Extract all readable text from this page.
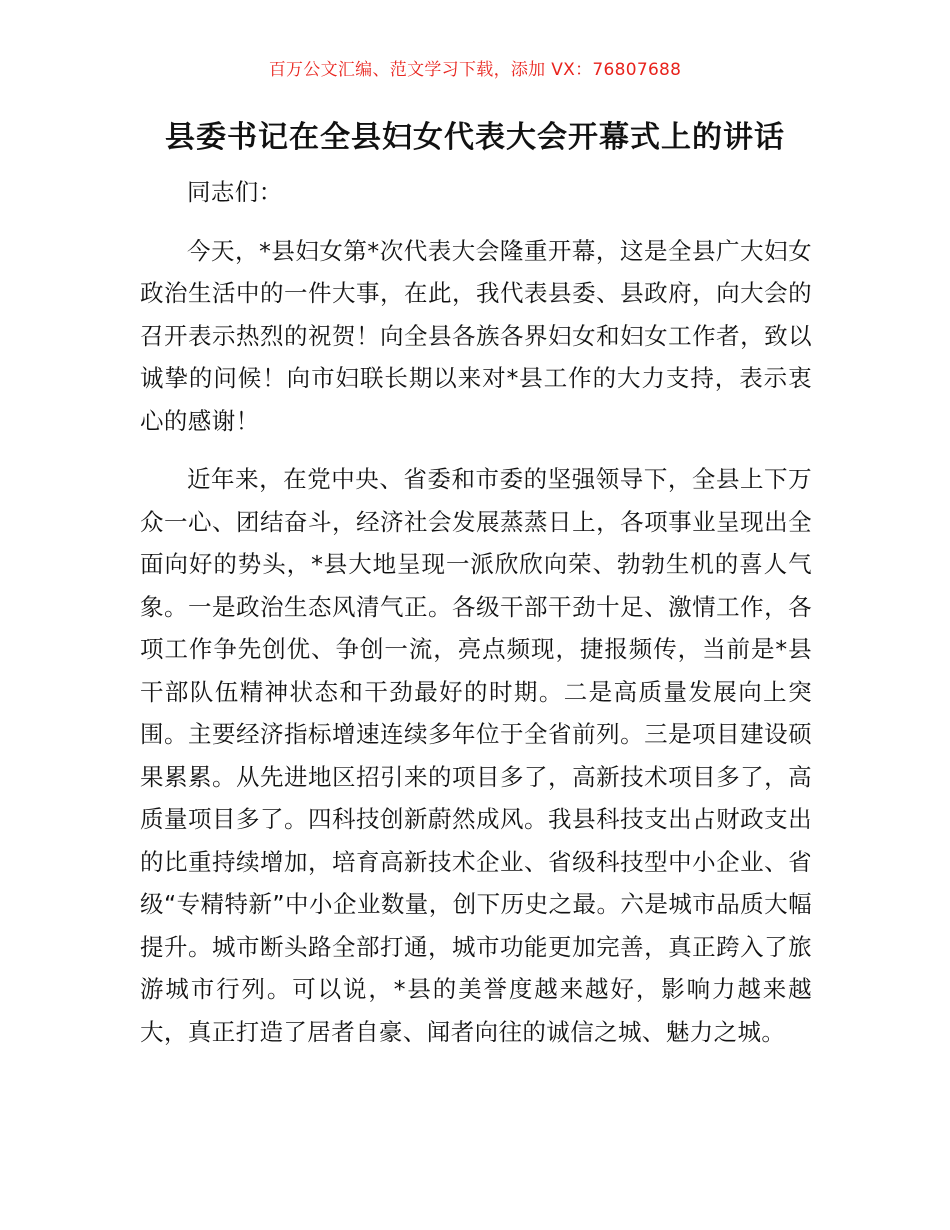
百万公文汇编、范文学习下载，添加 VX：76807688
县委书记在全县妇女代表大会开幕式上的讲话

同志们：

今天，*县妇女第*次代表大会隆重开幕，这是全县广大妇女政治生活中的一件大事，在此，我代表县委、县政府，向大会的召开表示热烈的祝贺！向全县各族各界妇女和妇女工作者，致以诚挚的问候！向市妇联长期以来对*县工作的大力支持，表示衷心的感谢！

近年来，在党中央、省委和市委的坚强领导下，全县上下万众一心、团结奋斗，经济社会发展蒸蒸日上，各项事业呈现出全面向好的势头，*县大地呈现一派欣欣向荣、勃勃生机的喜人气象。一是政治生态风清气正。各级干部干劲十足、激情工作，各项工作争先创优、争创一流，亮点频现，捷报频传，当前是*县干部队伍精神状态和干劲最好的时期。二是高质量发展向上突围。主要经济指标增速连续多年位于全省前列。三是项目建设硕果累累。从先进地区招引来的项目多了，高新技术项目多了，高质量项目多了。四科技创新蔚然成风。我县科技支出占财政支出的比重持续增加，培育高新技术企业、省级科技型中小企业、省级“专精特新”中小企业数量，创下历史之最。六是城市品质大幅提升。城市断头路全部打通，城市功能更加完善，真正跨入了旅游城市行列。可以说，*县的美誉度越来越好，影响力越来越大，真正打造了居者自豪、闻者向往的诚信之城、魅力之城。
